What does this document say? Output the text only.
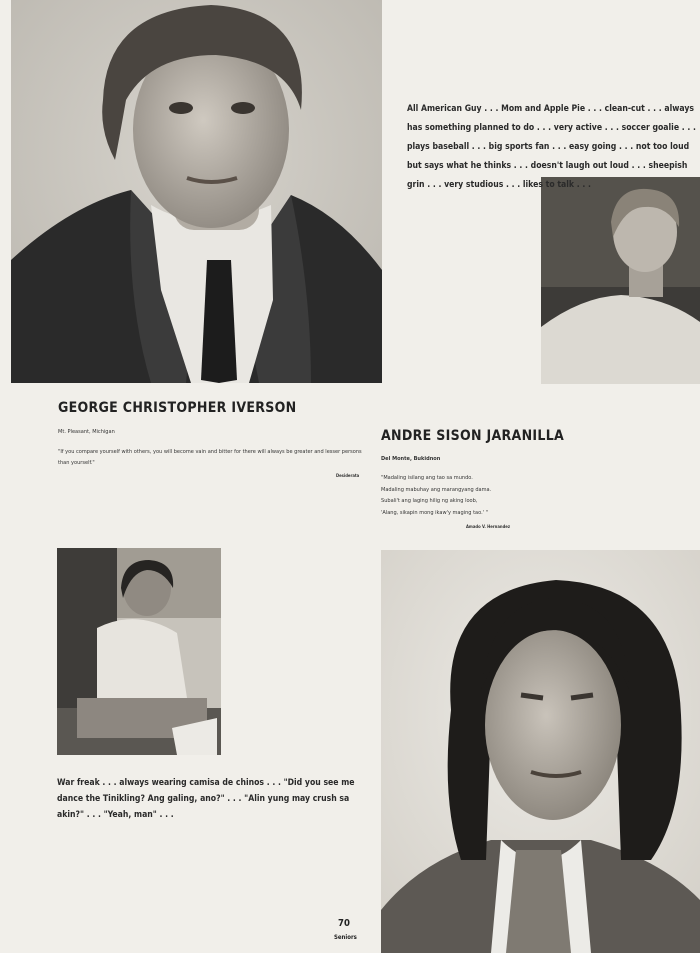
All American Guy . . . Mom and Apple Pie . . . clean-cut . . . always has something planned to do . . . very active . . . soccer goalie . . . plays baseball . . . big sports fan . . . easy going . . . not too loud but says what he thinks . . . doesn't laugh out loud . . . sheepish grin . . . very studious . . . likes to talk . . .

GEORGE CHRISTOPHER IVERSON

Mt. Pleasant, Michigan

"If you compare yourself with others, you will become vain and bitter for there will always be greater and lesser persons than yourself."

Desiderata

ANDRE SISON JARANILLA

Del Monte, Bukidnon

"Madaling isilang ang tao sa mundo.
Madaling mabuhay ang marangyang dama.
Subali't ang laging hilig ng aking loob,
'Alang, sikapin mong ikaw'y maging tao.' "

Amado V. Hernandez

War freak . . . always wearing camisa de chinos . . . "Did you see me dance the Tinikling? Ang galing, ano?" . . . "Alin yung may crush sa akin?" . . . "Yeah, man" . . .

70

Seniors
